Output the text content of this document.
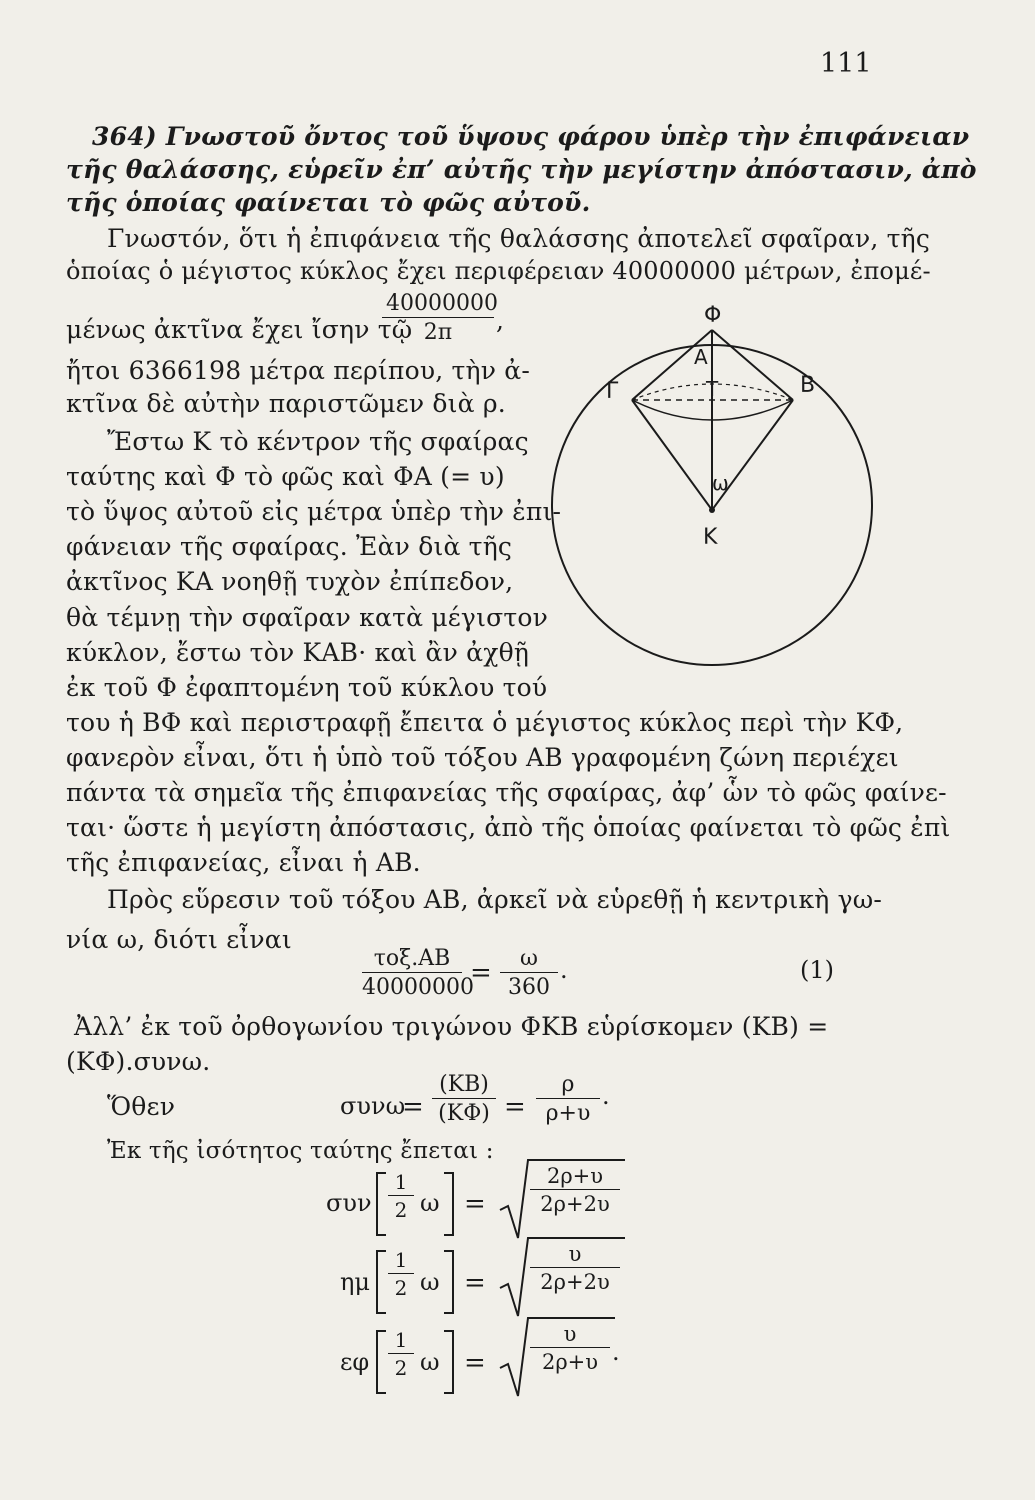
111
364) Γνωστοῦ ὄντος τοῦ ὕψους φάρου ὑπὲρ τὴν ἐπιφάνειαν
τῆς θαλάσσης, εὑρεῖν ἐπ’ αὐτῆς τὴν μεγίστην ἀπόστασιν, ἀπὸ
τῆς ὁποίας φαίνεται τὸ φῶς αὐτοῦ.
Γνωστόν, ὅτι ἡ ἐπιφάνεια τῆς θαλάσσης ἀποτελεῖ σφαῖραν, τῆς
ὁποίας ὁ μέγιστος κύκλος ἔχει περιφέρειαν 40000000 μέτρων, ἐπομέ-
μένως ἀκτῖνα ἔχει ἴσην τῷ
$\frac{40000000}{2\pi}$ ,
ἤτοι 6366198 μέτρα περίπου, τὴν ἀ-
κτῖνα δὲ αὐτὴν παριστῶμεν διὰ ρ.
Ἔστω Κ τὸ κέντρον τῆς σφαίρας
ταύτης καὶ Φ τὸ φῶς καὶ ΦΑ (= υ)
τὸ ὕψος αὐτοῦ εἰς μέτρα ὑπὲρ τὴν ἐπι-
φάνειαν τῆς σφαίρας. Ἐὰν διὰ τῆς
ἀκτῖνος ΚΑ νοηθῇ τυχὸν ἐπίπεδον,
θὰ τέμνῃ τὴν σφαῖραν κατὰ μέγιστον
κύκλον, ἔστω τὸν ΚΑΒ· καὶ ἂν ἀχθῇ
ἐκ τοῦ Φ ἐφαπτομένη τοῦ κύκλου τού
του ἡ ΒΦ καὶ περιστραφῇ ἔπειτα ὁ μέγιστος κύκλος περὶ τὴν ΚΦ,
φανερὸν εἶναι, ὅτι ἡ ὑπὸ τοῦ τόξου ΑΒ γραφομένη ζώνη περιέχει
πάντα τὰ σημεῖα τῆς ἐπιφανείας τῆς σφαίρας, ἀφ’ ὧν τὸ φῶς φαίνε-
ται· ὥστε ἡ μεγίστη ἀπόστασις, ἀπὸ τῆς ὁποίας φαίνεται τὸ φῶς ἐπὶ
τῆς ἐπιφανείας, εἶναι ἡ ΑΒ.
Πρὸς εὕρεσιν τοῦ τόξου ΑΒ, ἀρκεῖ νὰ εὑρεθῇ ἡ κεντρικὴ γω-
νία ω, διότι εἶναι
τοξ.ΑΒ
40000000
= $\frac{\omega}{360}$ .	(1)
Ἀλλ’ ἐκ τοῦ ὀρθογωνίου τριγώνου ΦΚΒ εὑρίσκομεν (ΚΒ) =
(ΚΦ).συνω.
Ὅθεν	συνω
= $\frac{(KB)}{(K\Phi)} = \frac{\rho}{\rho+\upsilon}$ .
Ἐκ τῆς ἰσότητος ταύτης ἔπεται :
συν $\frac{1}{2}$ $\omega = \frac{2\rho+\upsilon}{2\rho+2\upsilon}$
ημ $\frac{1}{2}$ $\omega = \frac{\upsilon}{2\rho+2\upsilon}$
εφ $\frac{1}{2}$ $\omega = \frac{\upsilon}{2\rho+\upsilon}$ .
Φ
Α
Γ	Τ	Β
ω
Κ
